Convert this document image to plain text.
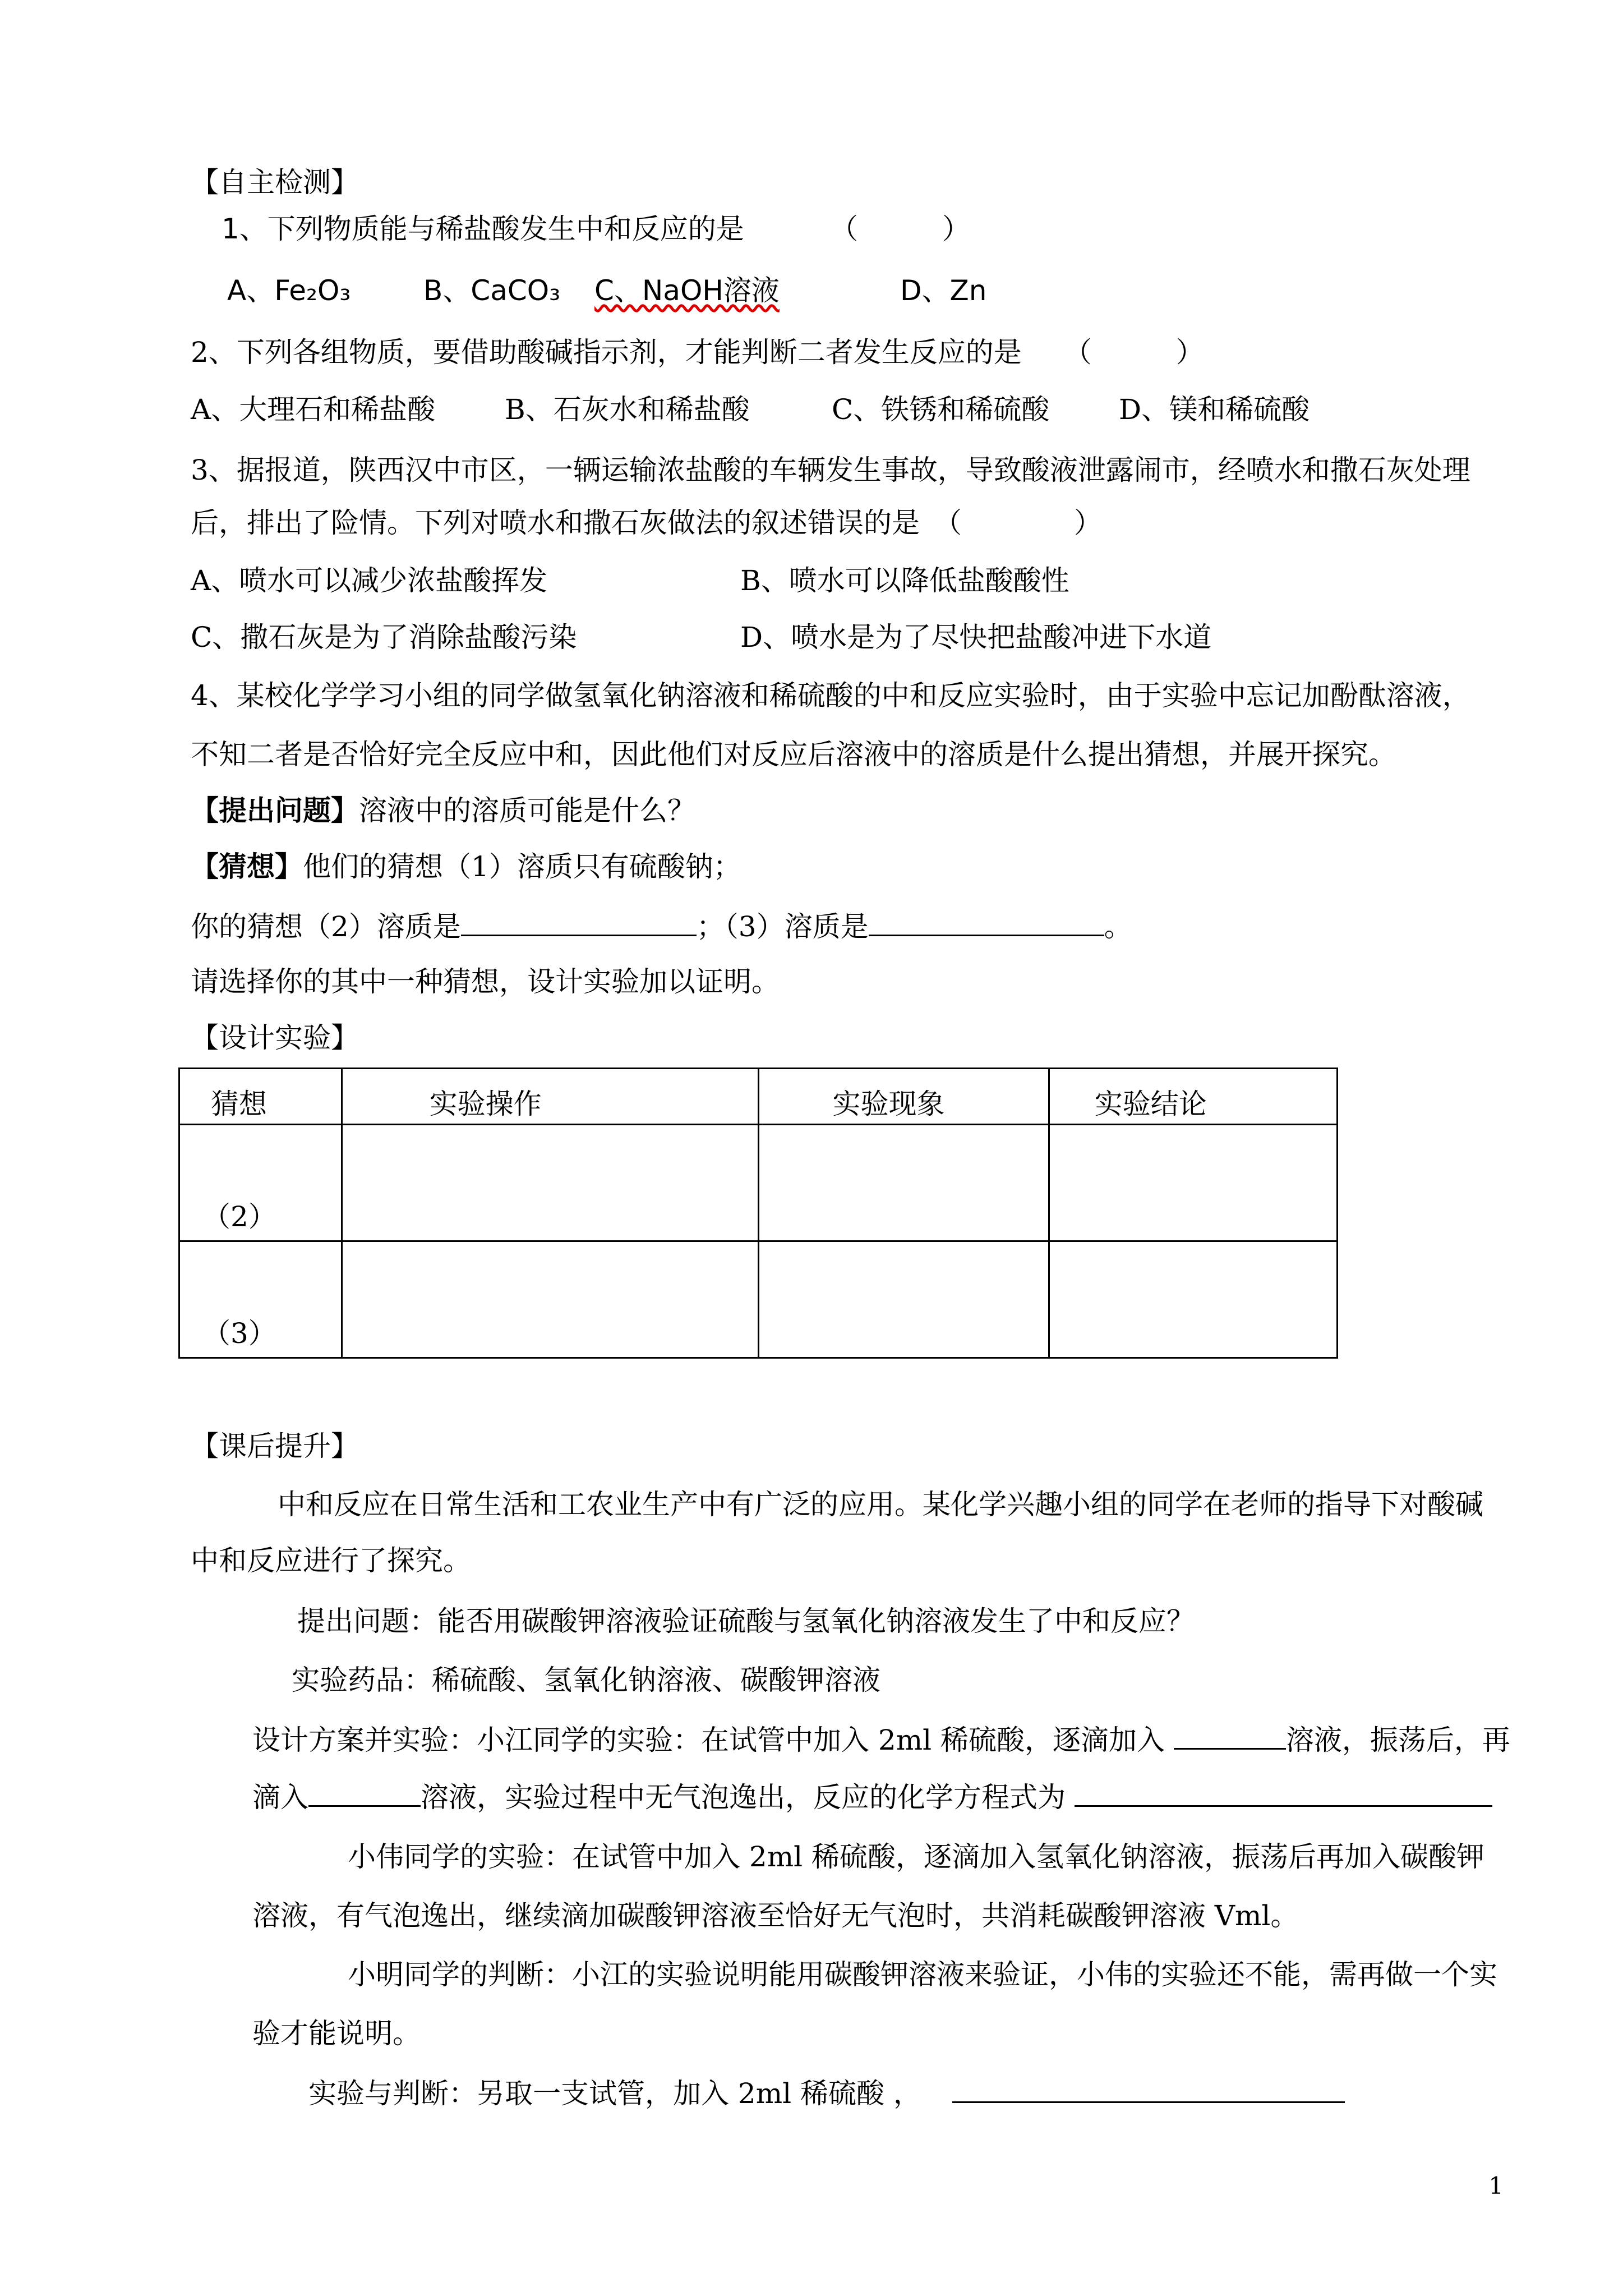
【自主检测】
1、下列物质能与稀盐酸发生中和反应的是	（　　　）
A、Fe₂O₃	B、CaCO₃ C、NaOH溶液	D、Zn
2、下列各组物质，要借助酸碱指示剂，才能判断二者发生反应的是　　（　　　）
A、大理石和稀盐酸 B、石灰水和稀盐酸	C、铁锈和稀硫酸 D、镁和稀硫酸
3、据报道，陕西汉中市区，一辆运输浓盐酸的车辆发生事故，导致酸液泄露闹市，经喷水和撒石灰处理
后，排出了险情。下列对喷水和撒石灰做法的叙述错误的是　（　　　　）
A、喷水可以减少浓盐酸挥发	B、喷水可以降低盐酸酸性
C、撒石灰是为了消除盐酸污染	D、喷水是为了尽快把盐酸冲进下水道
4、某校化学学习小组的同学做氢氧化钠溶液和稀硫酸的中和反应实验时，由于实验中忘记加酚酞溶液，
不知二者是否恰好完全反应中和，因此他们对反应后溶液中的溶质是什么提出猜想，并展开探究。
【提出问题】溶液中的溶质可能是什么？
【猜想】他们的猜想（1）溶质只有硫酸钠；
你的猜想（2）溶质是	；（3）溶质是	。
请选择你的其中一种猜想，设计实验加以证明。
【设计实验】
猜想	实验操作	实验现象	实验结论

（2）			

（3）			

【课后提升】
中和反应在日常生活和工农业生产中有广泛的应用。某化学兴趣小组的同学在老师的指导下对酸碱
中和反应进行了探究。
提出问题：能否用碳酸钾溶液验证硫酸与氢氧化钠溶液发生了中和反应？
实验药品：稀硫酸、氢氧化钠溶液、碳酸钾溶液
设计方案并实验：小江同学的实验：在试管中加入 2ml 稀硫酸，逐滴加入	溶液，振荡后，再
滴入	溶液，实验过程中无气泡逸出，反应的化学方程式为
小伟同学的实验：在试管中加入 2ml 稀硫酸，逐滴加入氢氧化钠溶液，振荡后再加入碳酸钾
溶液，有气泡逸出，继续滴加碳酸钾溶液至恰好无气泡时，共消耗碳酸钾溶液 Vml。
小明同学的判断：小江的实验说明能用碳酸钾溶液来验证，小伟的实验还不能，需再做一个实
验才能说明。
实验与判断：另取一支试管，加入 2ml 稀硫酸 ，
1
